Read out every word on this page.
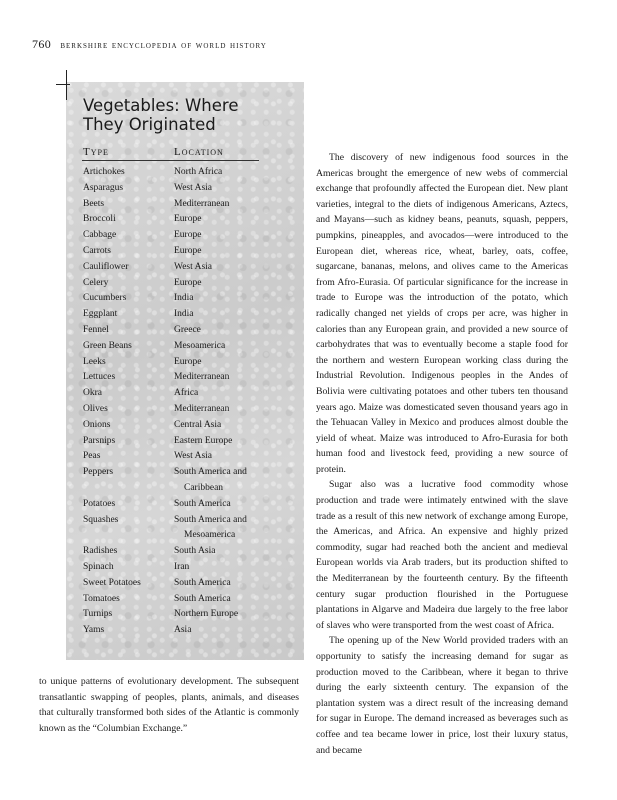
760 berkshire encyclopedia of world history
Vegetables: Where
They Originated
Type	Location
Artichokes	North Africa
Asparagus	West Asia
Beets	Mediterranean
Broccoli	Europe
Cabbage	Europe
Carrots	Europe
Cauliflower	West Asia
Celery	Europe
Cucumbers	India
Eggplant	India
Fennel	Greece
Green Beans	Mesoamerica
Leeks	Europe
Lettuces	Mediterranean
Okra	Africa
Olives	Mediterranean
Onions	Central Asia
Parsnips	Eastern Europe
Peas	West Asia
Peppers	South America and
Caribbean

Potatoes	South America
Squashes	South America and
Mesoamerica

Radishes	South Asia
Spinach	Iran
Sweet Potatoes	South America
Tomatoes	South America
Turnips	Northern Europe
Yams	Asia

to unique patterns of evolutionary development. The subsequent transatlantic swapping of peoples, plants, animals, and diseases that culturally transformed both sides of the Atlantic is commonly known as the “Columbian Exchange.”

The discovery of new indigenous food sources in the Americas brought the emergence of new webs of commercial exchange that profoundly affected the European diet. New plant varieties, integral to the diets of indigenous Americans, Aztecs, and Mayans—such as kidney beans, peanuts, squash, peppers, pumpkins, pineapples, and avocados—were introduced to the European diet, whereas rice, wheat, barley, oats, coffee, sugarcane, bananas, melons, and olives came to the Americas from Afro-Eurasia. Of particular significance for the increase in trade to Europe was the introduction of the potato, which radically changed net yields of crops per acre, was higher in calories than any European grain, and provided a new source of carbohydrates that was to eventually become a staple food for the northern and western European working class during the Industrial Revolution. Indigenous peoples in the Andes of Bolivia were cultivating potatoes and other tubers ten thousand years ago. Maize was domesticated seven thousand years ago in the Tehuacan Valley in Mexico and produces almost double the yield of wheat. Maize was introduced to Afro-Eurasia for both human food and livestock feed, providing a new source of protein.

Sugar also was a lucrative food commodity whose production and trade were intimately entwined with the slave trade as a result of this new network of exchange among Europe, the Americas, and Africa. An expensive and highly prized commodity, sugar had reached both the ancient and medieval European worlds via Arab traders, but its production shifted to the Mediterranean by the fourteenth century. By the fifteenth century sugar production flourished in the Portuguese plantations in Algarve and Madeira due largely to the free labor of slaves who were transported from the west coast of Africa.

The opening up of the New World provided traders with an opportunity to satisfy the increasing demand for sugar as production moved to the Caribbean, where it began to thrive during the early sixteenth century. The expansion of the plantation system was a direct result of the increasing demand for sugar in Europe. The demand increased as beverages such as coffee and tea became lower in price, lost their luxury status, and became
